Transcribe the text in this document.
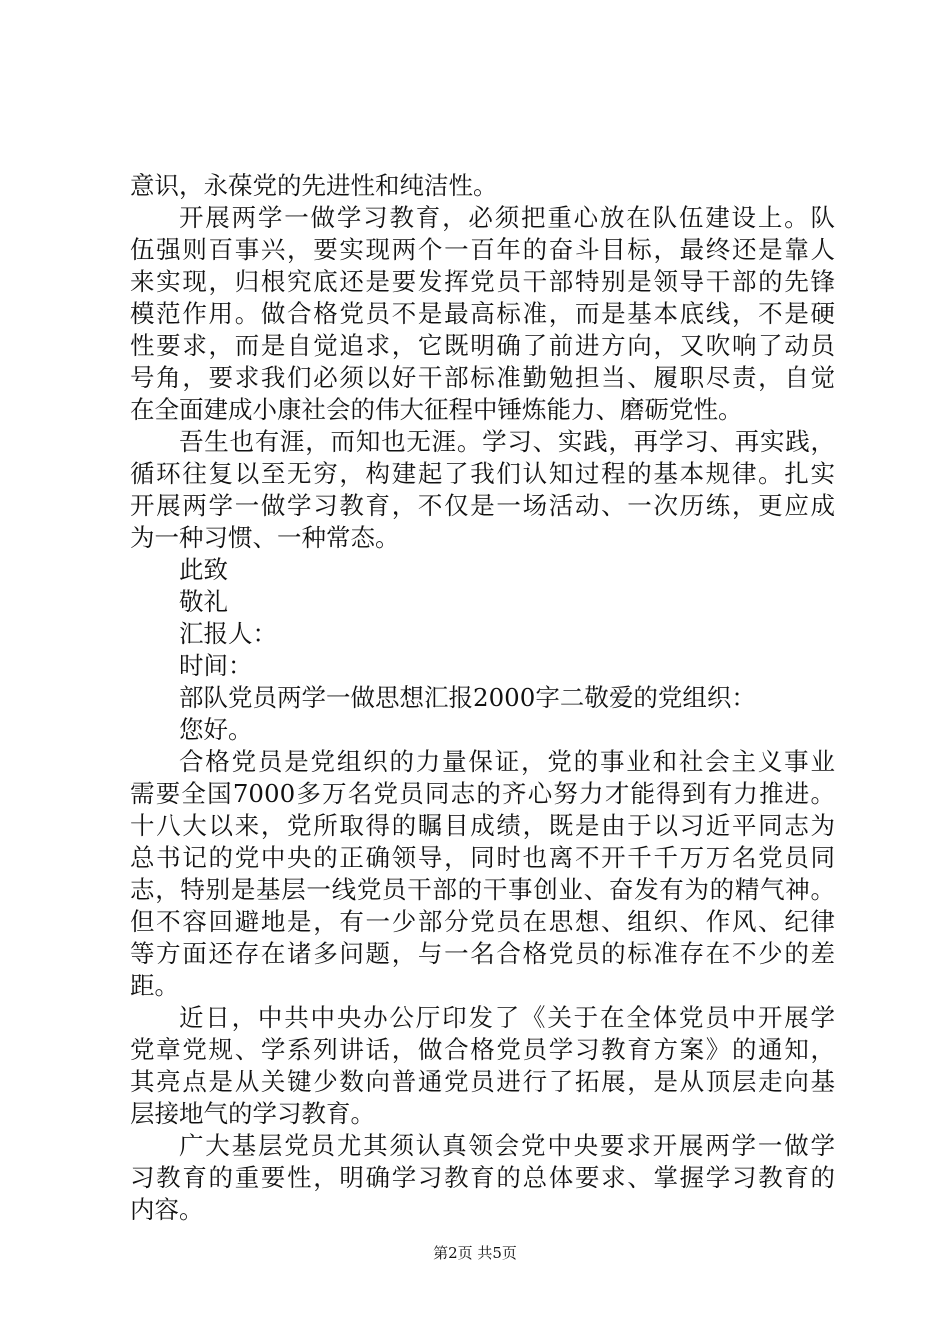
意识，永葆党的先进性和纯洁性。
开展两学一做学习教育，必须把重心放在队伍建设上。队
伍强则百事兴，要实现两个一百年的奋斗目标，最终还是靠人
来实现，归根究底还是要发挥党员干部特别是领导干部的先锋
模范作用。做合格党员不是最高标准，而是基本底线，不是硬
性要求，而是自觉追求，它既明确了前进方向，又吹响了动员
号角，要求我们必须以好干部标准勤勉担当、履职尽责，自觉
在全面建成小康社会的伟大征程中锤炼能力、磨砺党性。
吾生也有涯，而知也无涯。学习、实践，再学习、再实践，
循环往复以至无穷，构建起了我们认知过程的基本规律。扎实
开展两学一做学习教育，不仅是一场活动、一次历练，更应成
为一种习惯、一种常态。
此致
敬礼
汇报人：
时间：
部队党员两学一做思想汇报2000字二敬爱的党组织：
您好。
合格党员是党组织的力量保证，党的事业和社会主义事业
需要全国7000多万名党员同志的齐心努力才能得到有力推进。
十八大以来，党所取得的瞩目成绩，既是由于以习近平同志为
总书记的党中央的正确领导，同时也离不开千千万万名党员同
志，特别是基层一线党员干部的干事创业、奋发有为的精气神。
但不容回避地是，有一少部分党员在思想、组织、作风、纪律
等方面还存在诸多问题，与一名合格党员的标准存在不少的差
距。
近日，中共中央办公厅印发了《关于在全体党员中开展学
党章党规、学系列讲话，做合格党员学习教育方案》的通知，
其亮点是从关键少数向普通党员进行了拓展，是从顶层走向基
层接地气的学习教育。
广大基层党员尤其须认真领会党中央要求开展两学一做学
习教育的重要性，明确学习教育的总体要求、掌握学习教育的
内容。
第2页 共5页
